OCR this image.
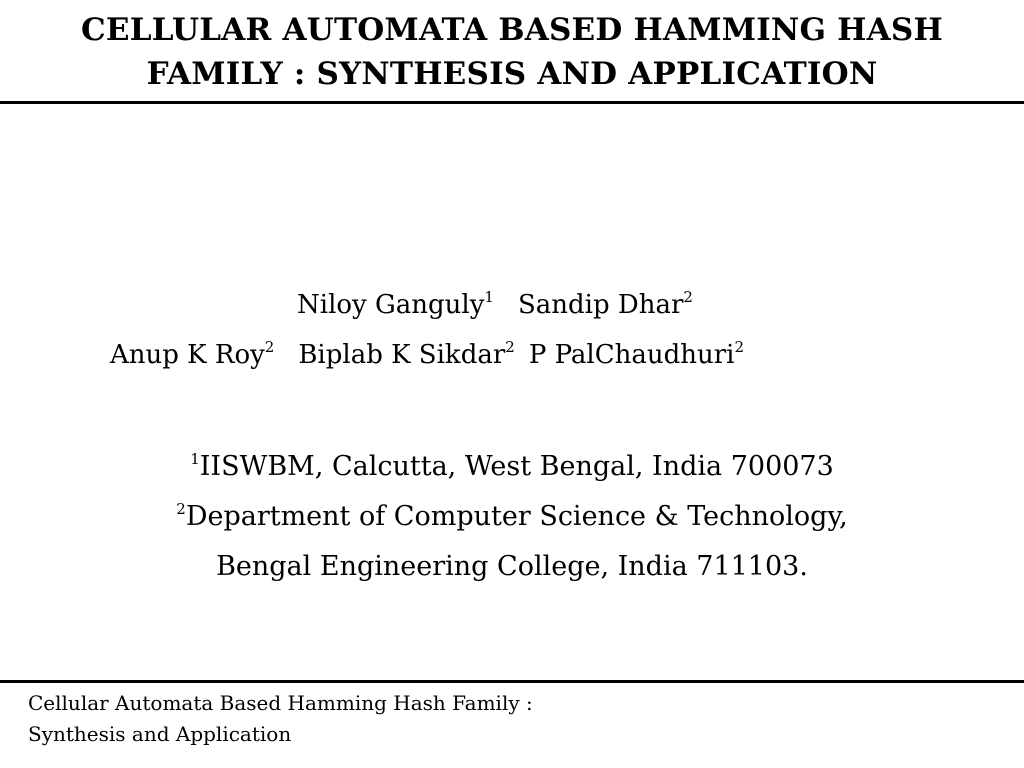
CELLULAR AUTOMATA BASED HAMMING HASH
FAMILY : SYNTHESIS AND APPLICATION
Niloy Ganguly$^1$ Sandip Dhar$^2$
Anup K Roy$^2$ Biplab K Sikdar$^2$ P PalChaudhuri$^2$
$^1$IISWBM, Calcutta, West Bengal, India 700073
$^2$Department of Computer Science & Technology,
Bengal Engineering College, India 711103.
Cellular Automata Based Hamming Hash Family :
Synthesis and Application
